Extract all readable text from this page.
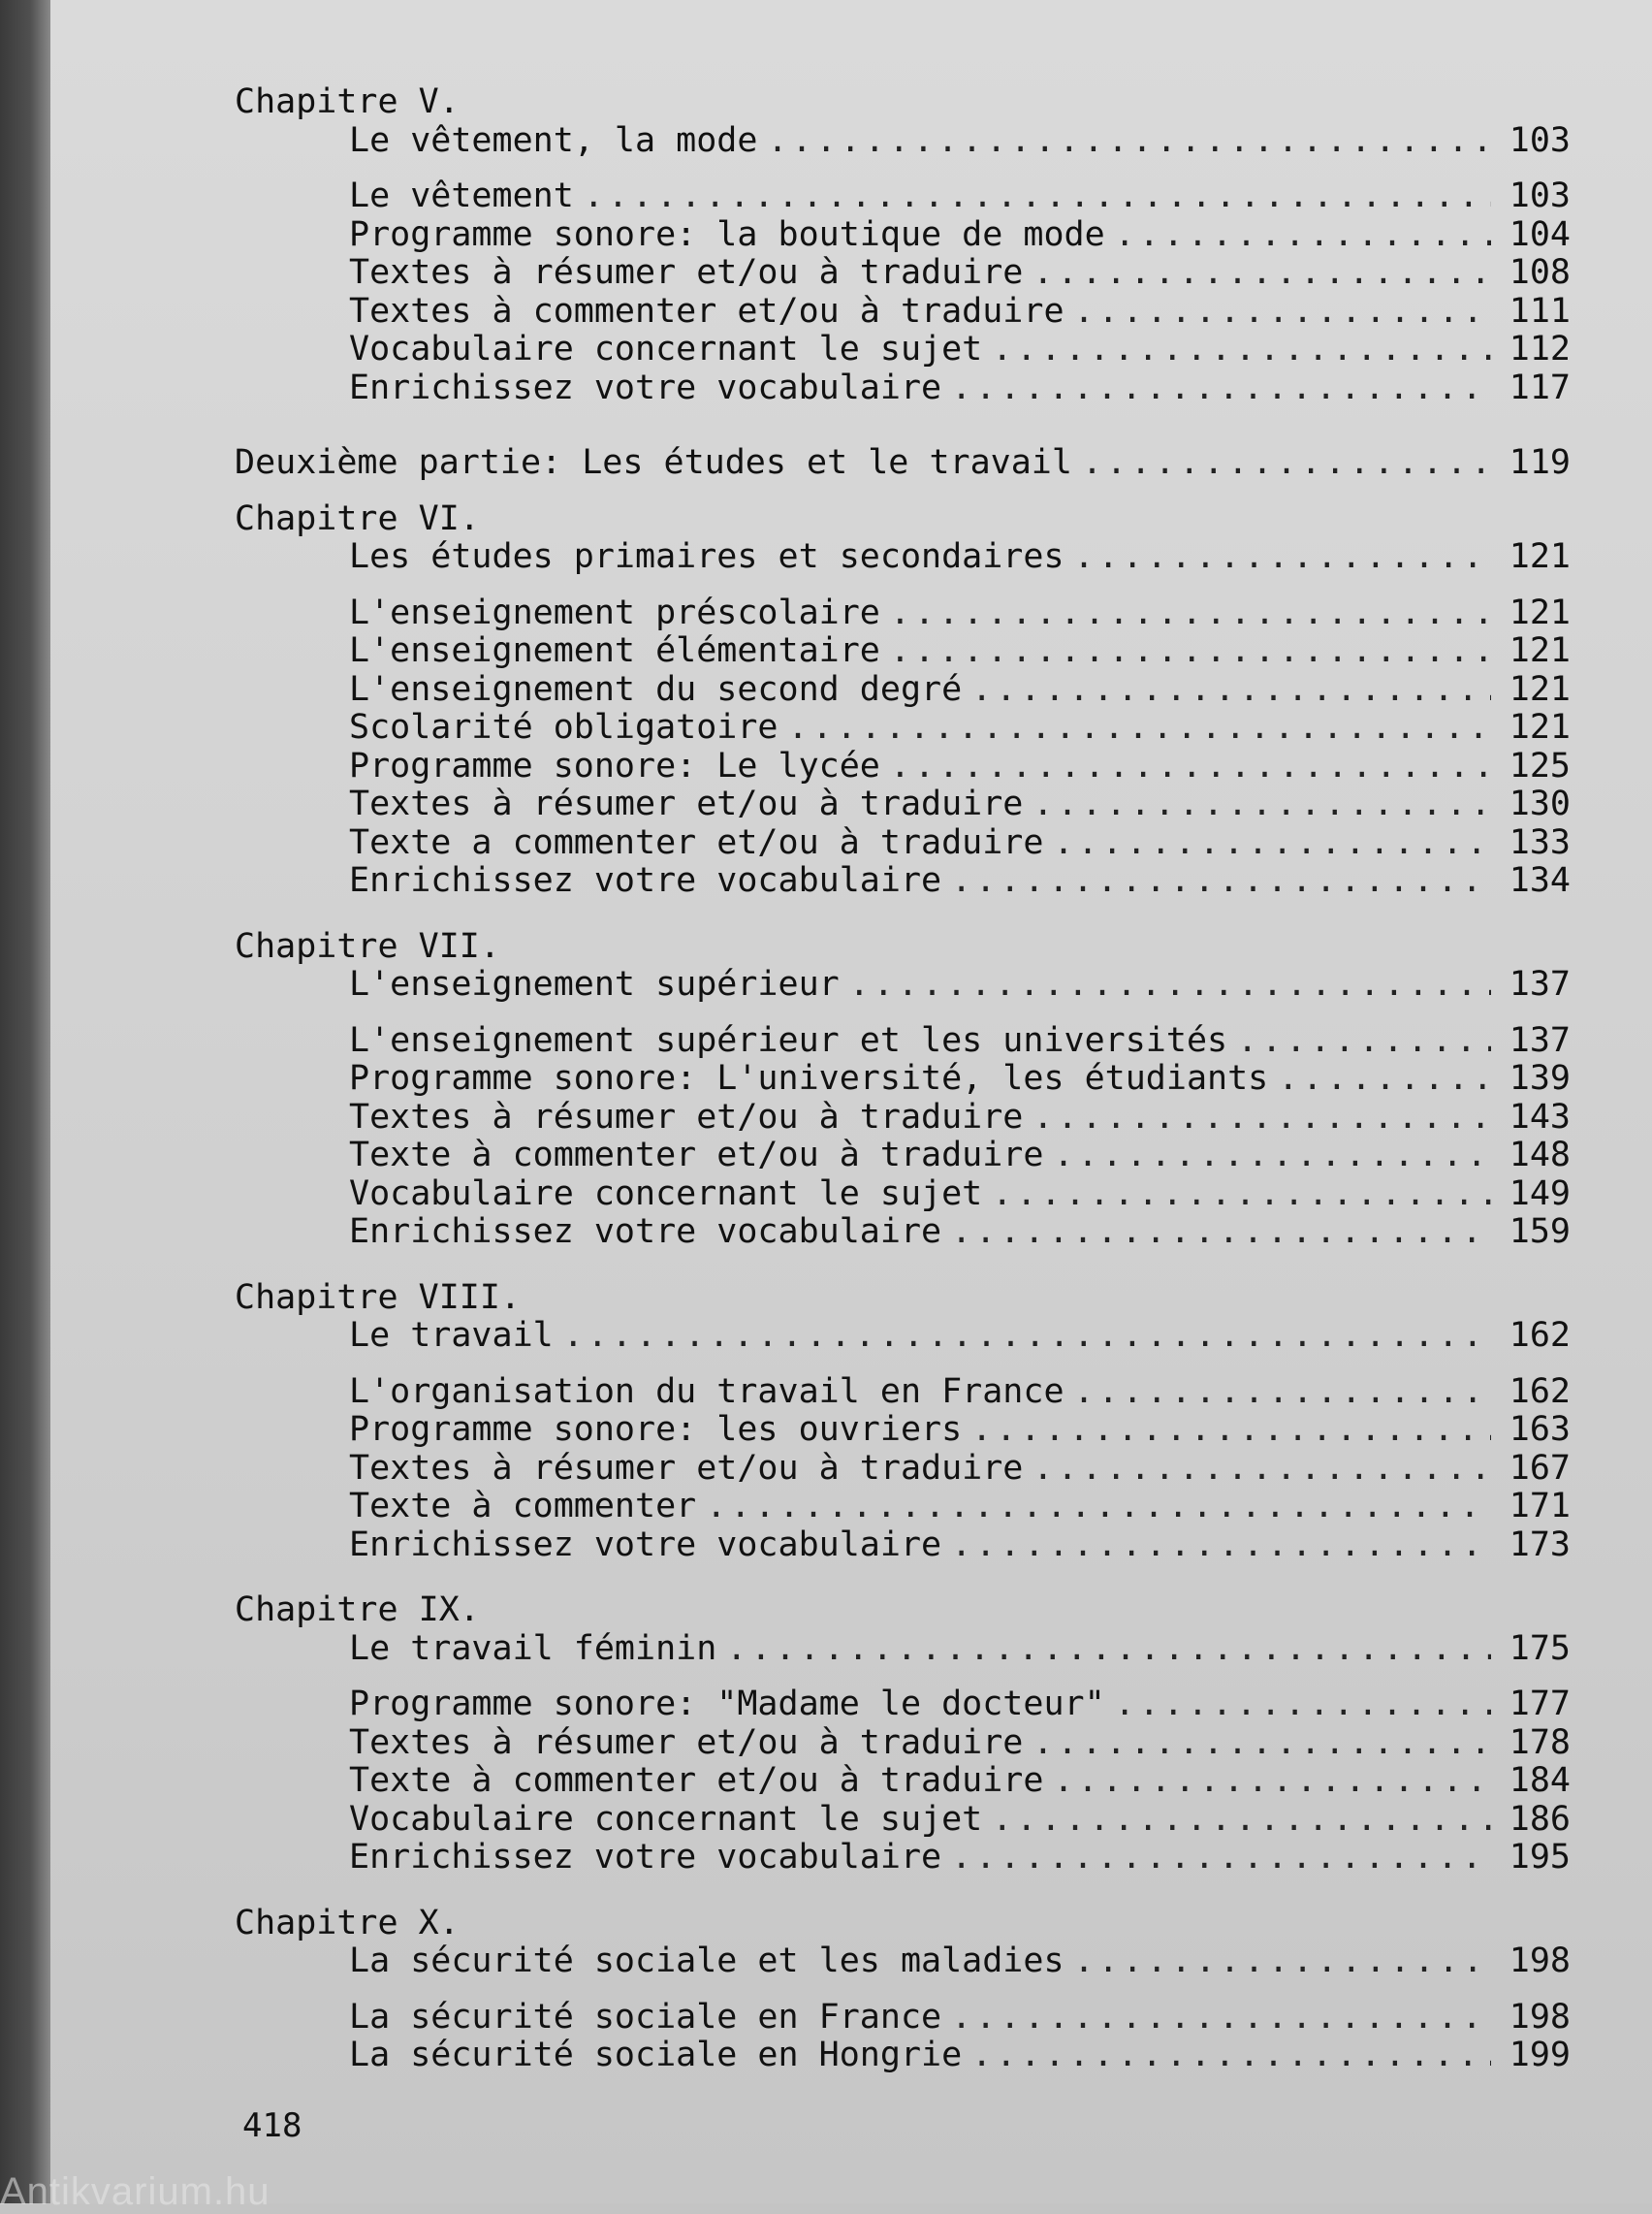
Chapitre V.
Le vêtement, la mode .....	103
Le vêtement .....	103
Programme sonore: la boutique de mode .....	104
Textes à résumer et/ou à traduire .....	108
Textes à commenter et/ou à traduire .....	111
Vocabulaire concernant le sujet .....	112
Enrichissez votre vocabulaire .....	117
Deuxième partie: Les études et le travail .....	119
Chapitre VI.
Les études primaires et secondaires .....	121
L'enseignement préscolaire .....	121
L'enseignement élémentaire .....	121
L'enseignement du second degré .....	121
Scolarité obligatoire .....	121
Programme sonore: Le lycée .....	125
Textes à résumer et/ou à traduire .....	130
Texte a commenter et/ou à traduire .....	133
Enrichissez votre vocabulaire .....	134
Chapitre VII.
L'enseignement supérieur .....	137
L'enseignement supérieur et les universités .....	137
Programme sonore: L'université, les étudiants .....	139
Textes à résumer et/ou à traduire .....	143
Texte à commenter et/ou à traduire .....	148
Vocabulaire concernant le sujet .....	149
Enrichissez votre vocabulaire .....	159
Chapitre VIII.
Le travail .....	162
L'organisation du travail en France .....	162
Programme sonore: les ouvriers .....	163
Textes à résumer et/ou à traduire .....	167
Texte à commenter .....	171
Enrichissez votre vocabulaire .....	173
Chapitre IX.
Le travail féminin .....	175
Programme sonore: "Madame le docteur" .....	177
Textes à résumer et/ou à traduire .....	178
Texte à commenter et/ou à traduire .....	184
Vocabulaire concernant le sujet .....	186
Enrichissez votre vocabulaire .....	195
Chapitre X.
La sécurité sociale et les maladies .....	198
La sécurité sociale en France .....	198
La sécurité sociale en Hongrie .....	199
418
Antikvarium.hu
